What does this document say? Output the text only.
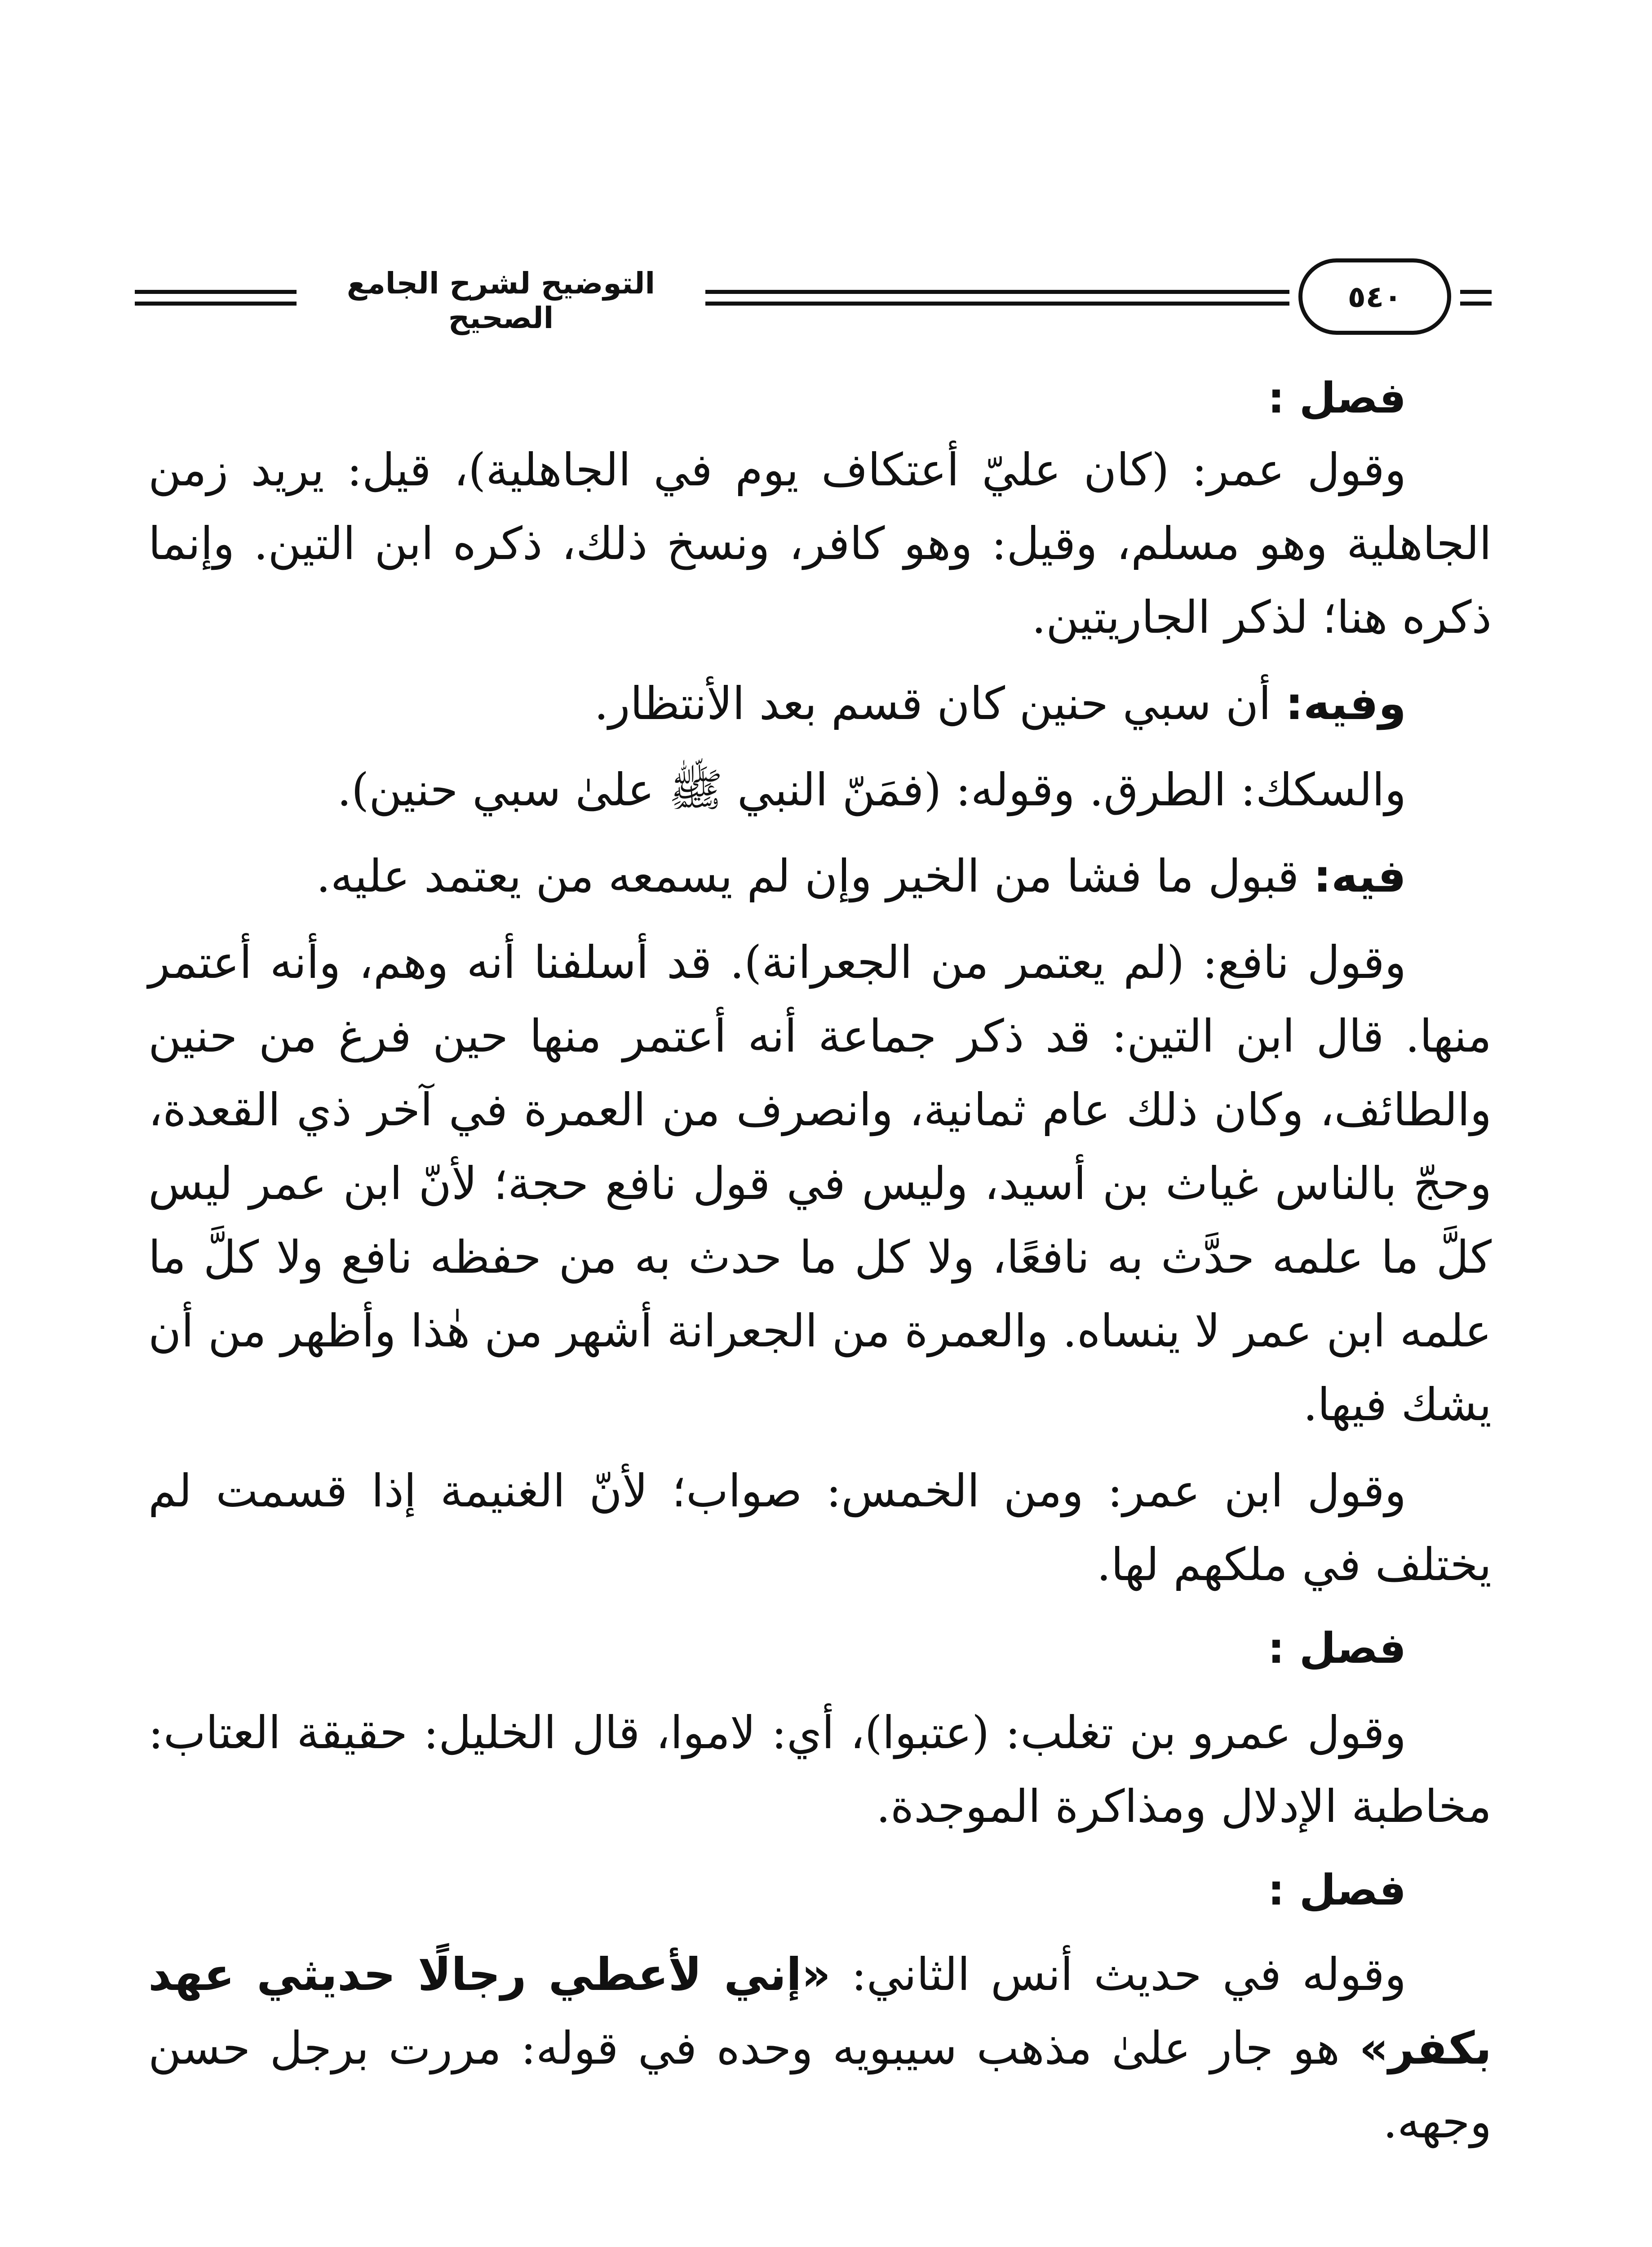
التوضيح لشرح الجامع الصحيح
٥٤٠

فصل :

وقول عمر: (كان عليّ أعتكاف يوم في الجاهلية)، قيل: يريد زمن الجاهلية وهو مسلم، وقيل: وهو كافر، ونسخ ذلك، ذكره ابن التين. وإنما ذكره هنا؛ لذكر الجاريتين.

وفيه: أن سبي حنين كان قسم بعد الأنتظار.

والسكك: الطرق. وقوله: (فمَنّ النبي ﷺ علىٰ سبي حنين).

فيه: قبول ما فشا من الخير وإن لم يسمعه من يعتمد عليه.

وقول نافع: (لم يعتمر من الجعرانة). قد أسلفنا أنه وهم، وأنه أعتمر منها. قال ابن التين: قد ذكر جماعة أنه أعتمر منها حين فرغ من حنين والطائف، وكان ذلك عام ثمانية، وانصرف من العمرة في آخر ذي القعدة، وحجّ بالناس غياث بن أسيد، وليس في قول نافع حجة؛ لأنّ ابن عمر ليس كلَّ ما علمه حدَّث به نافعًا، ولا كل ما حدث به من حفظه نافع ولا كلَّ ما علمه ابن عمر لا ينساه. والعمرة من الجعرانة أشهر من هٰذا وأظهر من أن يشك فيها.

وقول ابن عمر: ومن الخمس: صواب؛ لأنّ الغنيمة إذا قسمت لم يختلف في ملكهم لها.

فصل :

وقول عمرو بن تغلب: (عتبوا)، أي: لاموا، قال الخليل: حقيقة العتاب: مخاطبة الإدلال ومذاكرة الموجدة.

فصل :

وقوله في حديث أنس الثاني: «إني لأعطي رجالًا حديثي عهد بكفر» هو جار علىٰ مذهب سيبويه وحده في قوله: مررت برجل حسن وجهه.
